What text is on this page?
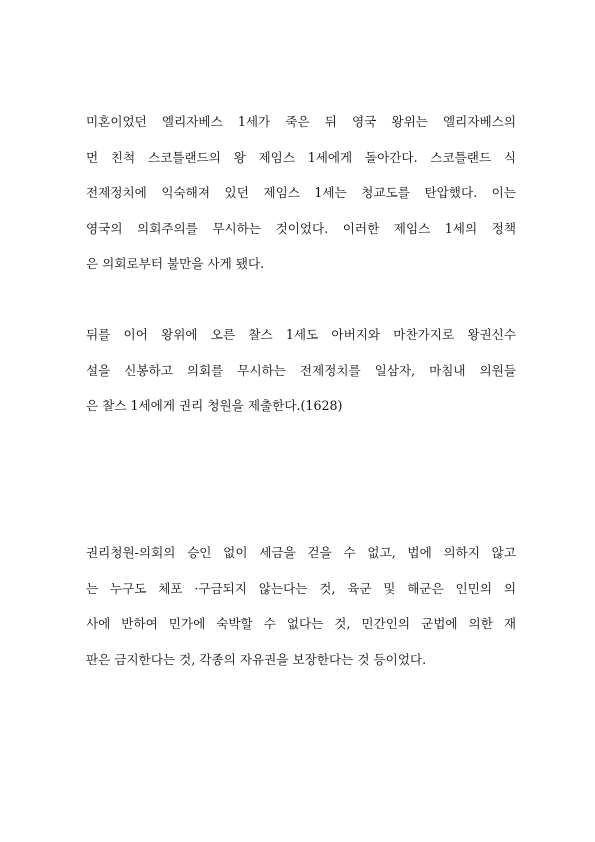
미혼이었던 엘리자베스 1세가 죽은 뒤 영국 왕위는 엘리자베스의
먼 친척 스코틀랜드의 왕 제임스 1세에게 돌아간다. 스코틀랜드 식
전제정치에 익숙해져 있던 제임스 1세는 청교도를 탄압했다. 이는
영국의 의회주의를 무시하는 것이었다. 이러한 제임스 1세의 정책
은 의회로부터 불만을 사게 됐다.
뒤를 이어 왕위에 오른 찰스 1세도 아버지와 마찬가지로 왕권신수
설을 신봉하고 의회를 무시하는 전제정치를 일삼자, 마침내 의원들
은 찰스 1세에게 권리 청원을 제출한다.(1628)
권리청원-의회의 승인 없이 세금을 걷을 수 없고, 법에 의하지 않고
는 누구도 체포 ·구금되지 않는다는 것, 육군 및 해군은 인민의 의
사에 반하여 민가에 숙박할 수 없다는 것, 민간인의 군법에 의한 재
판은 금지한다는 것, 각종의 자유권을 보장한다는 것 등이었다.
